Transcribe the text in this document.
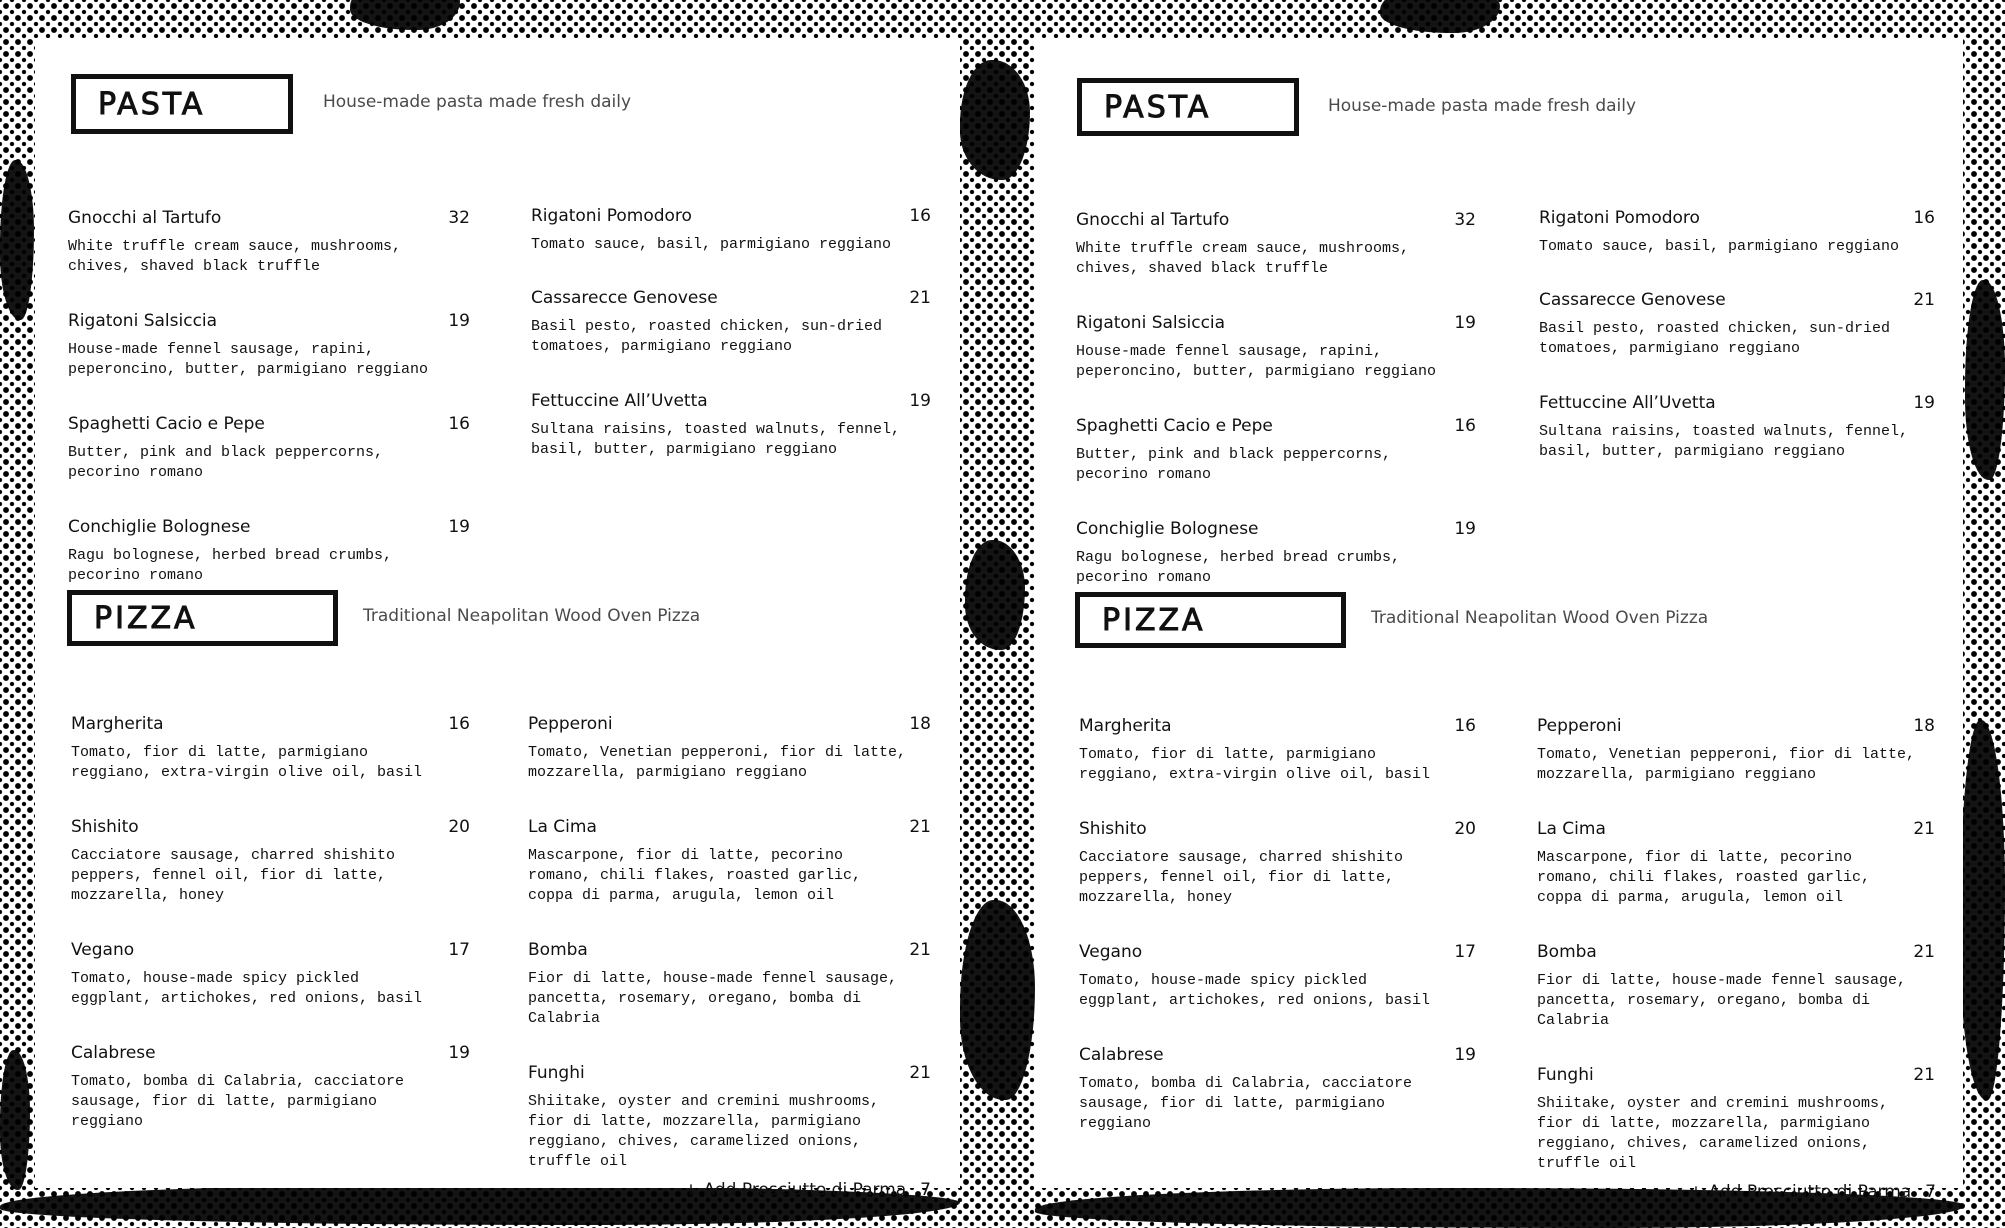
PASTA	House-made pasta made fresh daily
Gnocchi al Tartufo	32
White truffle cream sauce, mushrooms,
chives, shaved black truffle
Rigatoni Salsiccia	19
House-made fennel sausage, rapini,
peperoncino, butter, parmigiano reggiano
Spaghetti Cacio e Pepe	16
Butter, pink and black peppercorns,
pecorino romano
Conchiglie Bolognese	19
Ragu bolognese, herbed bread crumbs,
pecorino romano
Rigatoni Pomodoro	16
Tomato sauce, basil, parmigiano reggiano
Cassarecce Genovese	21
Basil pesto, roasted chicken, sun-dried
tomatoes, parmigiano reggiano
Fettuccine All’Uvetta	19
Sultana raisins, toasted walnuts, fennel,
basil, butter, parmigiano reggiano
PIZZA	Traditional Neapolitan Wood Oven Pizza
Margherita	16
Tomato, fior di latte, parmigiano
reggiano, extra-virgin olive oil, basil
Shishito	20
Cacciatore sausage, charred shishito
peppers, fennel oil, fior di latte,
mozzarella, honey
Vegano	17
Tomato, house-made spicy pickled
eggplant, artichokes, red onions, basil
Calabrese	19
Tomato, bomba di Calabria, cacciatore
sausage, fior di latte, parmigiano
reggiano
Pepperoni	18
Tomato, Venetian pepperoni, fior di latte,
mozzarella, parmigiano reggiano
La Cima	21
Mascarpone, fior di latte, pecorino
romano, chili flakes, roasted garlic,
coppa di parma, arugula, lemon oil
Bomba	21
Fior di latte, house-made fennel sausage,
pancetta, rosemary, oregano, bomba di
Calabria
Funghi	21
Shiitake, oyster and cremini mushrooms,
fior di latte, mozzarella, parmigiano
reggiano, chives, caramelized onions,
truffle oil
+ Add Prosciutto di Parma 7
PASTA	House-made pasta made fresh daily
Gnocchi al Tartufo	32
White truffle cream sauce, mushrooms,
chives, shaved black truffle
Rigatoni Salsiccia	19
House-made fennel sausage, rapini,
peperoncino, butter, parmigiano reggiano
Spaghetti Cacio e Pepe	16
Butter, pink and black peppercorns,
pecorino romano
Conchiglie Bolognese	19
Ragu bolognese, herbed bread crumbs,
pecorino romano
Rigatoni Pomodoro	16
Tomato sauce, basil, parmigiano reggiano
Cassarecce Genovese	21
Basil pesto, roasted chicken, sun-dried
tomatoes, parmigiano reggiano
Fettuccine All’Uvetta	19
Sultana raisins, toasted walnuts, fennel,
basil, butter, parmigiano reggiano
PIZZA	Traditional Neapolitan Wood Oven Pizza
Margherita	16
Tomato, fior di latte, parmigiano
reggiano, extra-virgin olive oil, basil
Shishito	20
Cacciatore sausage, charred shishito
peppers, fennel oil, fior di latte,
mozzarella, honey
Vegano	17
Tomato, house-made spicy pickled
eggplant, artichokes, red onions, basil
Calabrese	19
Tomato, bomba di Calabria, cacciatore
sausage, fior di latte, parmigiano
reggiano
Pepperoni	18
Tomato, Venetian pepperoni, fior di latte,
mozzarella, parmigiano reggiano
La Cima	21
Mascarpone, fior di latte, pecorino
romano, chili flakes, roasted garlic,
coppa di parma, arugula, lemon oil
Bomba	21
Fior di latte, house-made fennel sausage,
pancetta, rosemary, oregano, bomba di
Calabria
Funghi	21
Shiitake, oyster and cremini mushrooms,
fior di latte, mozzarella, parmigiano
reggiano, chives, caramelized onions,
truffle oil
+ Add Prosciutto di Parma 7
